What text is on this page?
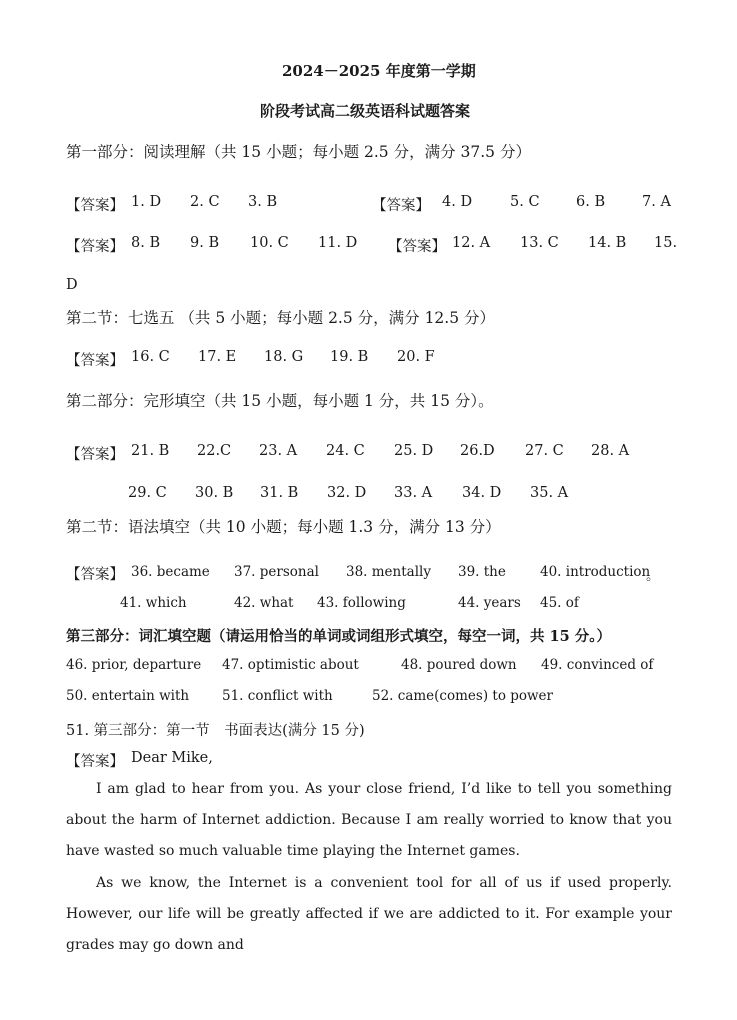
2024－2025 年度第一学期
阶段考试高二级英语科试题答案
第一部分：阅读理解（共 15 小题；每小题 2.5 分，满分 37.5 分）
【答案】 1. D 2. C 3. B	【答案】 4. D	5. C	6. B	7. A
【答案】 8. B 9. B 10. C 11. D 【答案】 12. A 13. C 14. B 15.
D
第二节：七选五 （共 5 小题；每小题 2.5 分，满分 12.5 分）
【答案】 16. C 17. E 18. G 19. B 20. F
第二部分：完形填空（共 15 小题，每小题 1 分，共 15 分）。
【答案】 21. B 22.C 23. A 24. C 25. D 26.D 27. C 28. A
29. C 30. B 31. B 32. D 33. A 34. D 35. A
第二节：语法填空（共 10 小题；每小题 1.3 分，满分 13 分）
【答案】 36. became 37. personal 38. mentally 39. the	40. introduction
。
41. which	42. what 43. following	44. years 45. of
第三部分：词汇填空题（请运用恰当的单词或词组形式填空，每空一词，共 15 分。）
46. prior, departure 47. optimistic about	48. poured down 49. convinced of
50. entertain with 51. conflict with	52. came(comes) to power
51. 第三部分：第一节　书面表达(满分 15 分)
【答案】 Dear Mike,
I am glad to hear from you. As your close friend, I’d like to tell you something about the harm of Internet addiction. Because I am really worried to know that you have wasted so much valuable time playing the Internet games.
As we know, the Internet is a convenient tool for all of us if used properly. However, our life will be greatly affected if we are addicted to it. For example your grades may go down and
